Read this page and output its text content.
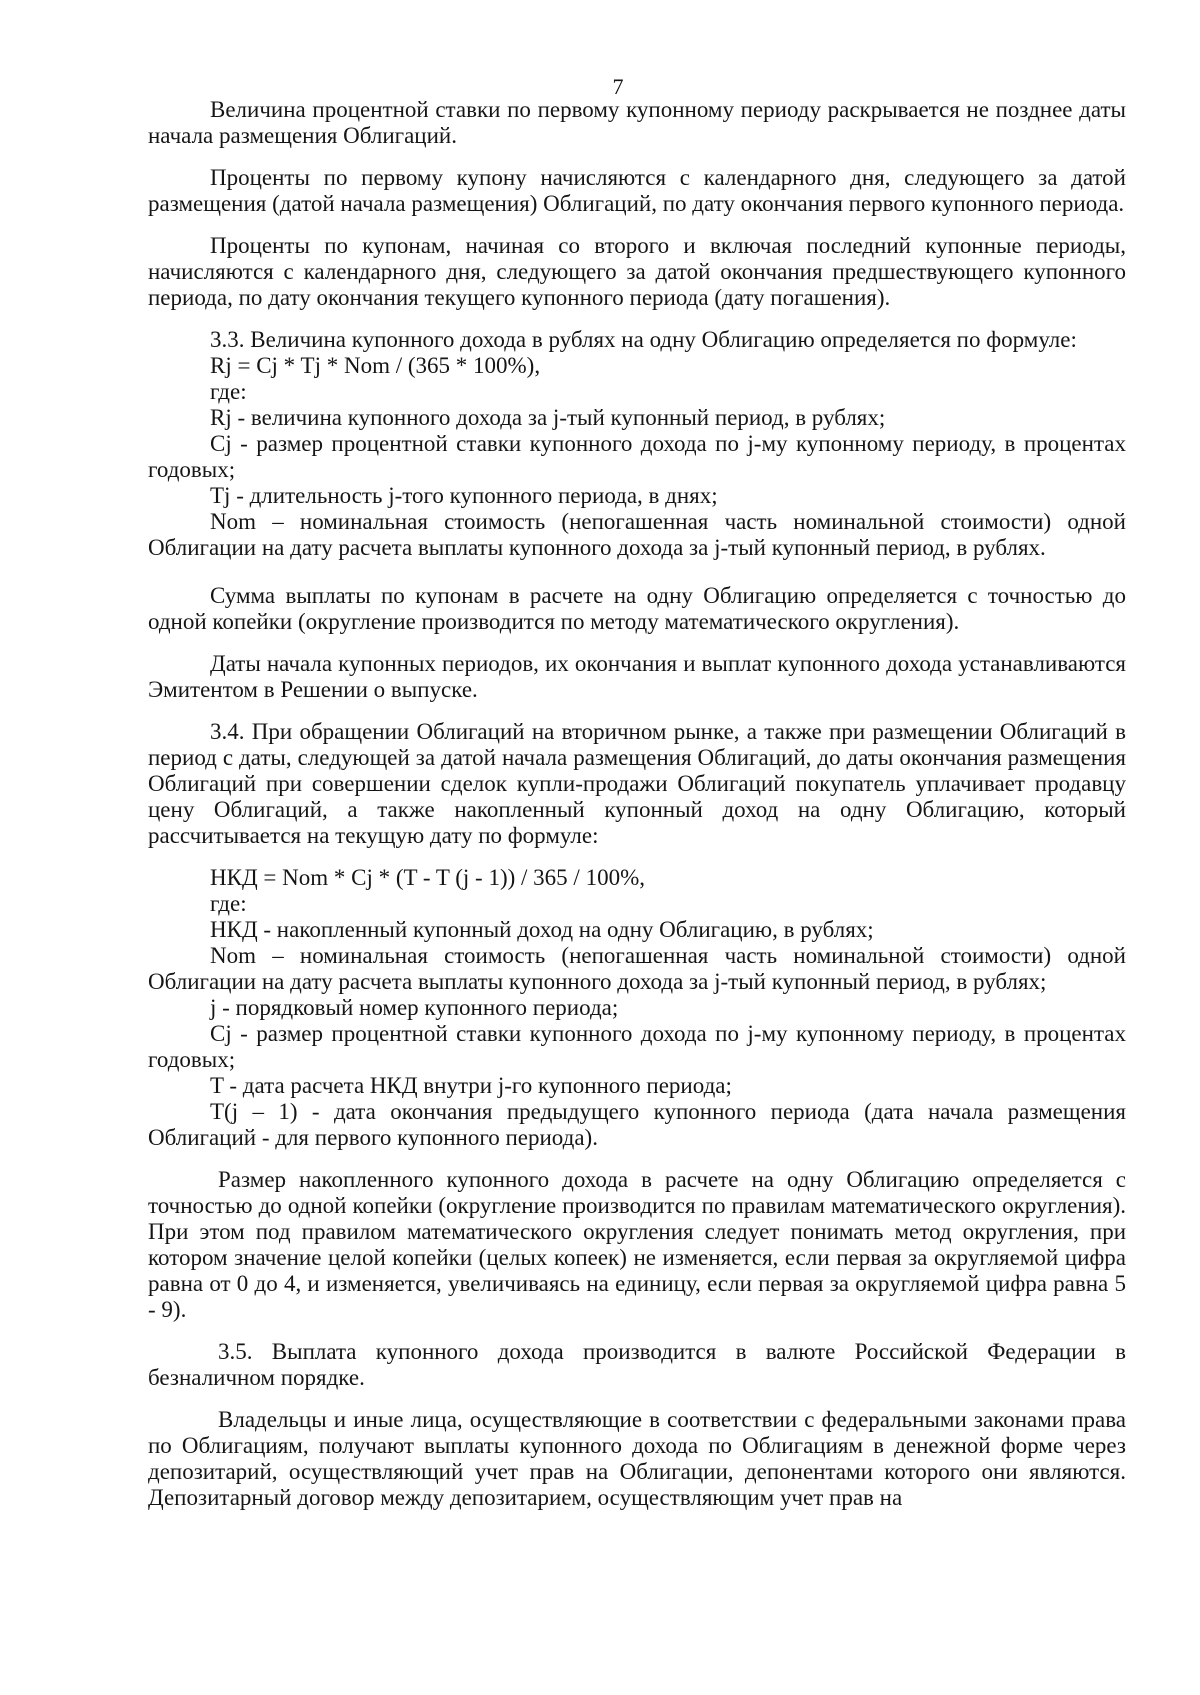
7

Величина процентной ставки по первому купонному периоду раскрывается не позднее даты начала размещения Облигаций.

Проценты по первому купону начисляются с календарного дня, следующего за датой размещения (датой начала размещения) Облигаций, по дату окончания первого купонного периода.

Проценты по купонам, начиная со второго и включая последний купонные периоды, начисляются с календарного дня, следующего за датой окончания предшествующего купонного периода, по дату окончания текущего купонного периода (дату погашения).

3.3. Величина купонного дохода в рублях на одну Облигацию определяется по формуле:

Rj = Cj * Tj * Nom / (365 * 100%),

где:

Rj - величина купонного дохода за j-тый купонный период, в рублях;

Cj - размер процентной ставки купонного дохода по j-му купонному периоду, в процентах годовых;

Tj - длительность j-того купонного периода, в днях;

Nom – номинальная стоимость (непогашенная часть номинальной стоимости) одной Облигации на дату расчета выплаты купонного дохода за j-тый купонный период, в рублях.

Сумма выплаты по купонам в расчете на одну Облигацию определяется с точностью до одной копейки (округление производится по методу математического округления).

Даты начала купонных периодов, их окончания и выплат купонного дохода устанавливаются Эмитентом в Решении о выпуске.

3.4. При обращении Облигаций на вторичном рынке, а также при размещении Облигаций в период с даты, следующей за датой начала размещения Облигаций, до даты окончания размещения Облигаций при совершении сделок купли-продажи Облигаций покупатель уплачивает продавцу цену Облигаций, а также накопленный купонный доход на одну Облигацию, который рассчитывается на текущую дату по формуле:

НКД = Nom * Cj * (T - T (j - 1)) / 365 / 100%,

где:

НКД - накопленный купонный доход на одну Облигацию, в рублях;

Nom – номинальная стоимость (непогашенная часть номинальной стоимости) одной Облигации на дату расчета выплаты купонного дохода за j-тый купонный период, в рублях;

j - порядковый номер купонного периода;

Cj - размер процентной ставки купонного дохода по j-му купонному периоду, в процентах годовых;

T - дата расчета НКД внутри j-го купонного периода;

T(j – 1) - дата окончания предыдущего купонного периода (дата начала размещения Облигаций - для первого купонного периода).

Размер накопленного купонного дохода в расчете на одну Облигацию определяется с точностью до одной копейки (округление производится по правилам математического округления). При этом под правилом математического округления следует понимать метод округления, при котором значение целой копейки (целых копеек) не изменяется, если первая за округляемой цифра равна от 0 до 4, и изменяется, увеличиваясь на единицу, если первая за округляемой цифра равна 5 - 9).

3.5. Выплата купонного дохода производится в валюте Российской Федерации в безналичном порядке.

Владельцы и иные лица, осуществляющие в соответствии с федеральными законами права по Облигациям, получают выплаты купонного дохода по Облигациям в денежной форме через депозитарий, осуществляющий учет прав на Облигации, депонентами которого они являются. Депозитарный договор между депозитарием, осуществляющим учет прав на
